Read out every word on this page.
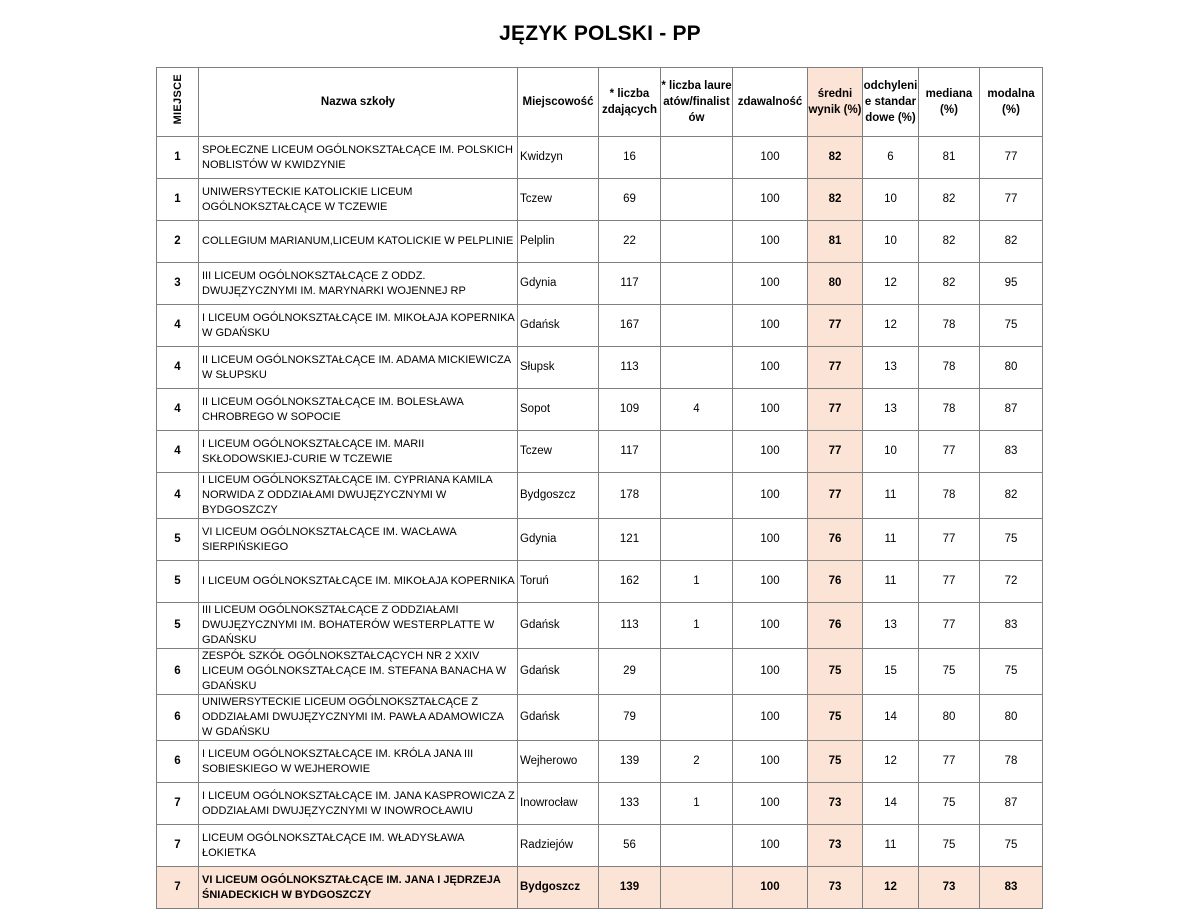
JĘZYK POLSKI - PP
MIEJSCE	Nazwa szkoły	Miejscowość	* liczba zdających	* liczba laureatów/finalistów	zdawalność	średni wynik (%)	odchylenie standardowe (%)	mediana (%)	modalna (%)
1	SPOŁECZNE LICEUM OGÓLNOKSZTAŁCĄCE IM. POLSKICH NOBLISTÓW W KWIDZYNIE	Kwidzyn	16		100	82	6	81	77
1	UNIWERSYTECKIE KATOLICKIE LICEUM OGÓLNOKSZTAŁCĄCE W TCZEWIE	Tczew	69		100	82	10	82	77
2	COLLEGIUM MARIANUM,LICEUM KATOLICKIE W PELPLINIE	Pelplin	22		100	81	10	82	82
3	III LICEUM OGÓLNOKSZTAŁCĄCE Z ODDZ. DWUJĘZYCZNYMI IM. MARYNARKI WOJENNEJ RP	Gdynia	117		100	80	12	82	95
4	I LICEUM OGÓLNOKSZTAŁCĄCE IM. MIKOŁAJA KOPERNIKA W GDAŃSKU	Gdańsk	167		100	77	12	78	75
4	II LICEUM OGÓLNOKSZTAŁCĄCE IM. ADAMA MICKIEWICZA W SŁUPSKU	Słupsk	113		100	77	13	78	80
4	II LICEUM OGÓLNOKSZTAŁCĄCE IM. BOLESŁAWA CHROBREGO W SOPOCIE	Sopot	109	4	100	77	13	78	87
4	I LICEUM OGÓLNOKSZTAŁCĄCE IM. MARII SKŁODOWSKIEJ-CURIE W TCZEWIE	Tczew	117		100	77	10	77	83
4	I LICEUM OGÓLNOKSZTAŁCĄCE IM. CYPRIANA KAMILA NORWIDA Z ODDZIAŁAMI DWUJĘZYCZNYMI W BYDGOSZCZY	Bydgoszcz	178		100	77	11	78	82
5	VI LICEUM OGÓLNOKSZTAŁCĄCE IM. WACŁAWA SIERPIŃSKIEGO	Gdynia	121		100	76	11	77	75
5	I LICEUM OGÓLNOKSZTAŁCĄCE IM. MIKOŁAJA KOPERNIKA	Toruń	162	1	100	76	11	77	72
5	III LICEUM OGÓLNOKSZTAŁCĄCE Z ODDZIAŁAMI DWUJĘZYCZNYMI IM. BOHATERÓW WESTERPLATTE W GDAŃSKU	Gdańsk	113	1	100	76	13	77	83
6	ZESPÓŁ SZKÓŁ OGÓLNOKSZTAŁCĄCYCH NR 2 XXIV LICEUM OGÓLNOKSZTAŁCĄCE IM. STEFANA BANACHA W GDAŃSKU	Gdańsk	29		100	75	15	75	75
6	UNIWERSYTECKIE LICEUM OGÓLNOKSZTAŁCĄCE Z ODDZIAŁAMI DWUJĘZYCZNYMI IM. PAWŁA ADAMOWICZA W GDAŃSKU	Gdańsk	79		100	75	14	80	80
6	I LICEUM OGÓLNOKSZTAŁCĄCE IM. KRÓLA JANA III SOBIESKIEGO W WEJHEROWIE	Wejherowo	139	2	100	75	12	77	78
7	I LICEUM OGÓLNOKSZTAŁCĄCE IM. JANA KASPROWICZA Z ODDZIAŁAMI DWUJĘZYCZNYMI W INOWROCŁAWIU	Inowrocław	133	1	100	73	14	75	87
7	LICEUM OGÓLNOKSZTAŁCĄCE IM. WŁADYSŁAWA ŁOKIETKA	Radziejów	56		100	73	11	75	75
7	VI LICEUM OGÓLNOKSZTAŁCĄCE IM. JANA I JĘDRZEJA ŚNIADECKICH W BYDGOSZCZY	Bydgoszcz	139		100	73	12	73	83
